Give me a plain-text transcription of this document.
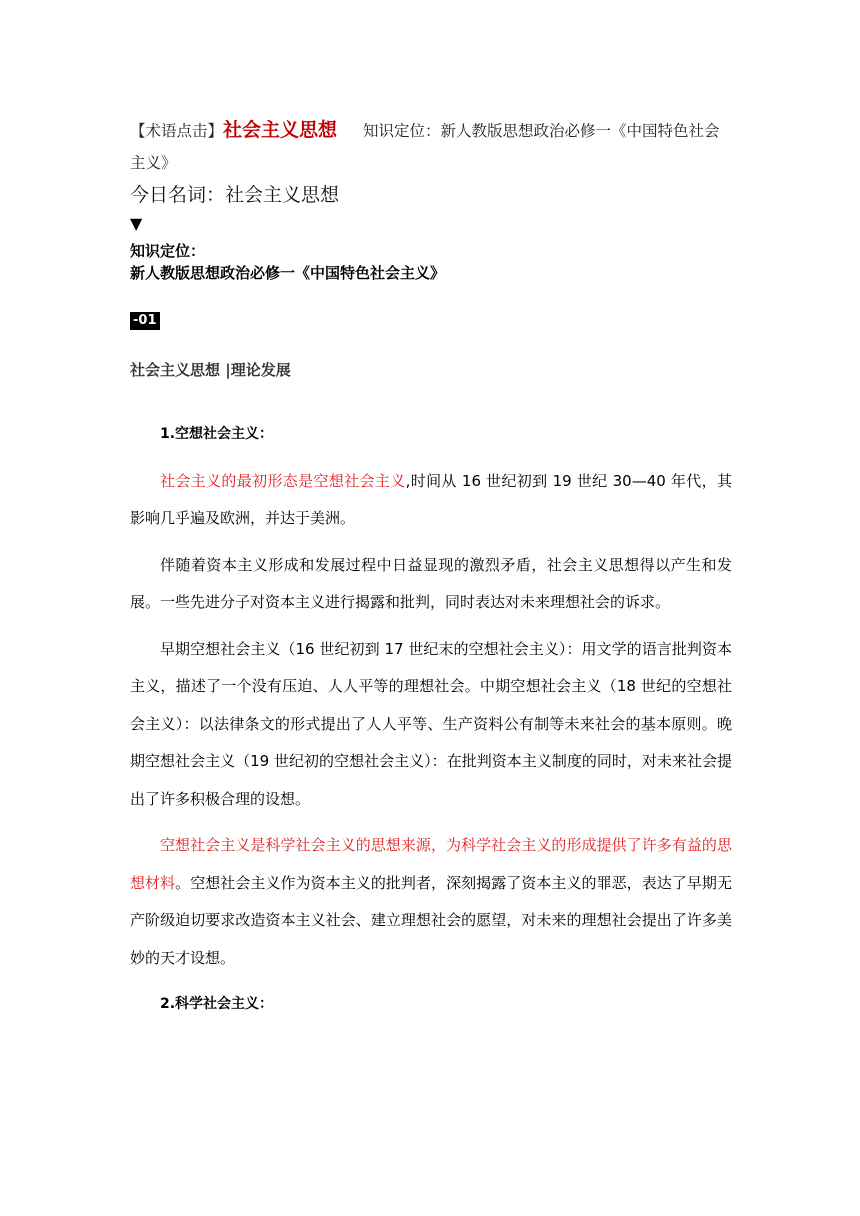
【术语点击】社会主义思想 知识定位：新人教版思想政治必修一《中国特色社会主义》
今日名词：社会主义思想
▼
知识定位：
新人教版思想政治必修一《中国特色社会主义》
-01
社会主义思想 |理论发展

1.空想社会主义：

社会主义的最初形态是空想社会主义,时间从 16 世纪初到 19 世纪 30—40 年代，其影响几乎遍及欧洲，并达于美洲。

伴随着资本主义形成和发展过程中日益显现的激烈矛盾，社会主义思想得以产生和发展。一些先进分子对资本主义进行揭露和批判，同时表达对未来理想社会的诉求。

早期空想社会主义（16 世纪初到 17 世纪末的空想社会主义）：用文学的语言批判资本主义，描述了一个没有压迫、人人平等的理想社会。中期空想社会主义（18 世纪的空想社会主义）：以法律条文的形式提出了人人平等、生产资料公有制等未来社会的基本原则。晚期空想社会主义（19 世纪初的空想社会主义）：在批判资本主义制度的同时，对未来社会提出了许多积极合理的设想。

空想社会主义是科学社会主义的思想来源，为科学社会主义的形成提供了许多有益的思想材料。空想社会主义作为资本主义的批判者，深刻揭露了资本主义的罪恶，表达了早期无产阶级迫切要求改造资本主义社会、建立理想社会的愿望，对未来的理想社会提出了许多美妙的天才设想。

2.科学社会主义：
